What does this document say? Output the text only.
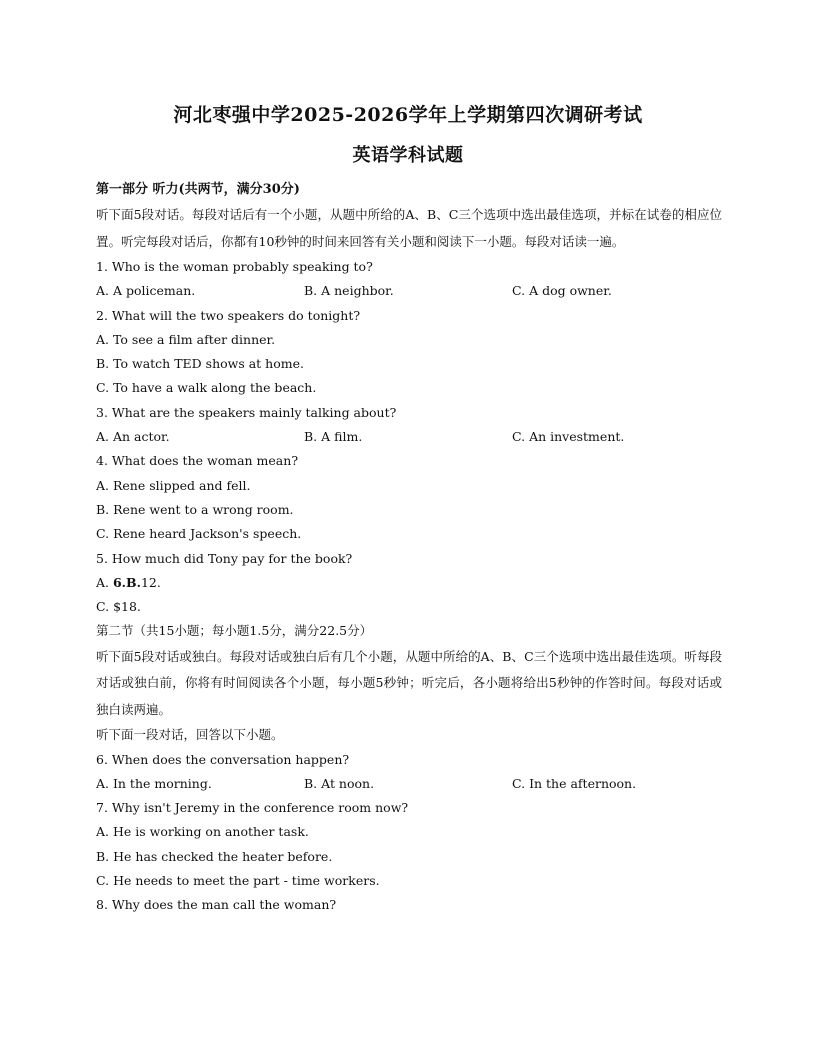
河北枣强中学2025-2026学年上学期第四次调研考试
英语学科试题
第一部分 听力(共两节，满分30分)

听下面5段对话。每段对话后有一个小题，从题中所给的A、B、C三个选项中选出最佳选项，并标在试卷的相应位置。听完每段对话后，你都有10秒钟的时间来回答有关小题和阅读下一小题。每段对话读一遍。

1. Who is the woman probably speaking to?
A. A policeman.	B. A neighbor.	C. A dog owner.
2. What will the two speakers do tonight?
A. To see a film after dinner.
B. To watch TED shows at home.
C. To have a walk along the beach.
3. What are the speakers mainly talking about?
A. An actor.	B. A film.	C. An investment.
4. What does the woman mean?
A. Rene slipped and fell.
B. Rene went to a wrong room.
C. Rene heard Jackson's speech.
5. How much did Tony pay for the book?
A. 6.B.12.
C. $18.
第二节（共15小题；每小题1.5分，满分22.5分）

听下面5段对话或独白。每段对话或独白后有几个小题，从题中所给的A、B、C三个选项中选出最佳选项。听每段对话或独白前，你将有时间阅读各个小题，每小题5秒钟；听完后，各小题将给出5秒钟的作答时间。每段对话或独白读两遍。

听下面一段对话，回答以下小题。
6. When does the conversation happen?
A. In the morning.	B. At noon.	C. In the afternoon.
7. Why isn't Jeremy in the conference room now?
A. He is working on another task.
B. He has checked the heater before.
C. He needs to meet the part - time workers.
8. Why does the man call the woman?
